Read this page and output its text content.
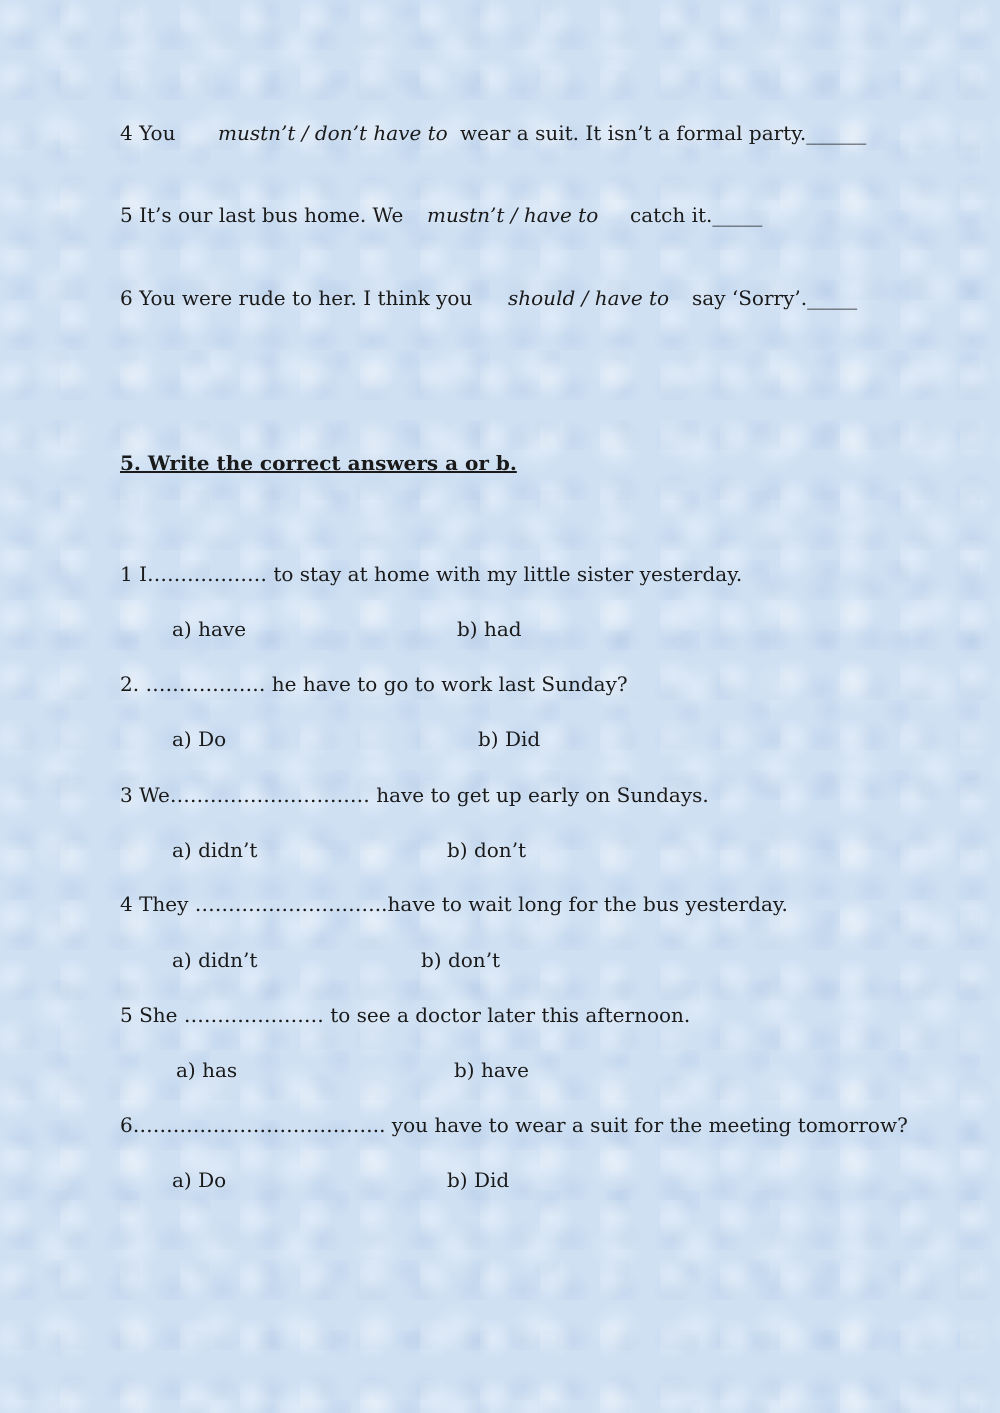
4 You mustn’t / don’t have to wear a suit. It isn’t a formal party.______
5 It’s our last bus home. We mustn’t / have to catch it._____
6 You were rude to her. I think you should / have to say ‘Sorry’._____
5. Write the correct answers a or b.
1 I……………… to stay at home with my little sister yesterday.
a) have	b) had
2. ……………… he have to go to work last Sunday?
a) Do	b) Did
3 We………………………… have to get up early on Sundays.
a) didn’t	b) don’t
4 They ………………………..have to wait long for the bus yesterday.
a) didn’t	b) don’t
5 She ………………… to see a doctor later this afternoon.
a) has	b) have
6……………………………….. you have to wear a suit for the meeting tomorrow?
a) Do	b) Did
